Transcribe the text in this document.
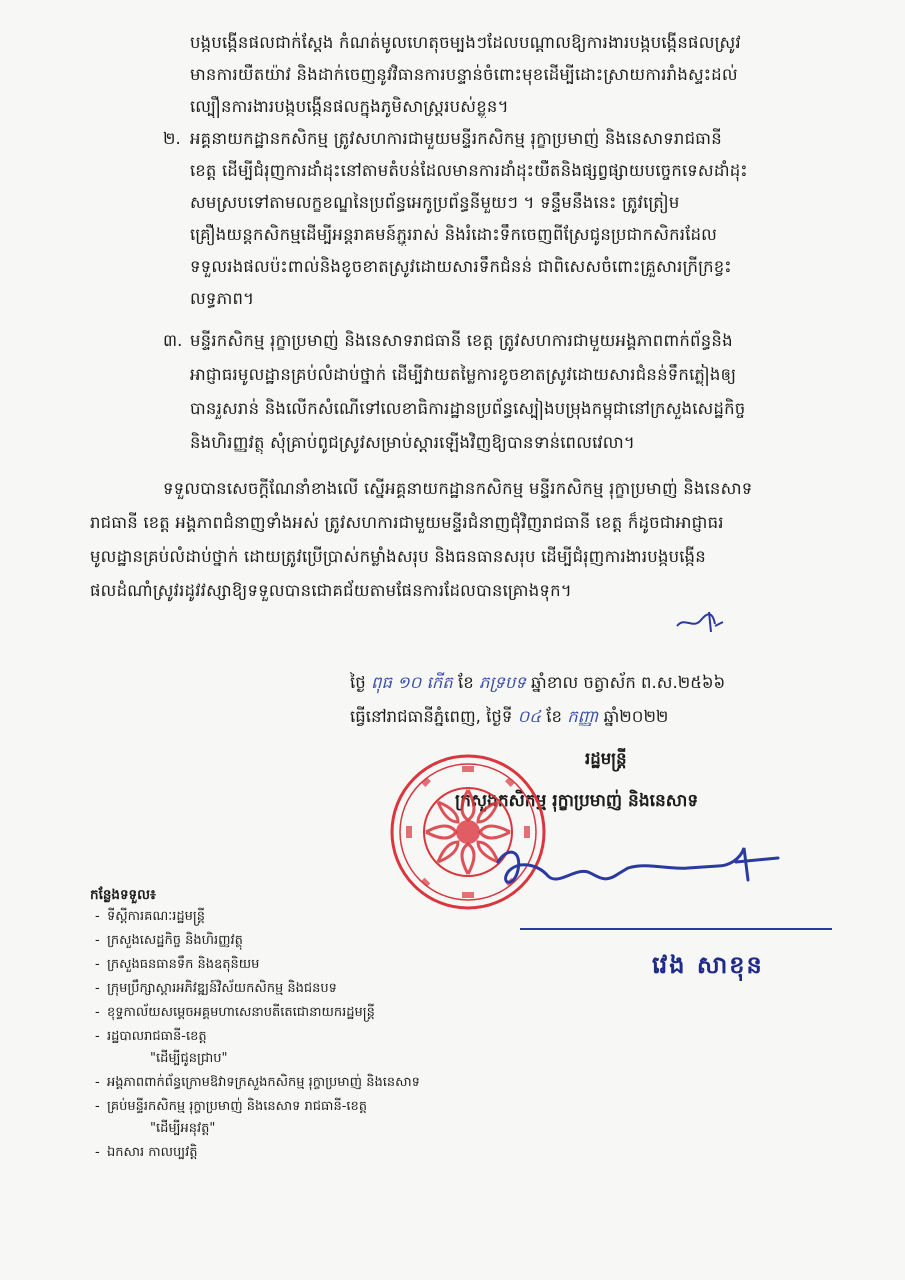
បង្កបង្កើនផលជាក់ស្តែង កំណត់មូលហេតុចម្បងៗដែលបណ្តាលឱ្យការងារបង្កបង្កើនផលស្រូវ
មានការយឺតយ៉ាវ និងដាក់ចេញនូវវិធានការបន្ទាន់ចំពោះមុខដើម្បីដោះស្រាយការរាំងស្ទះដល់
ល្បឿនការងារបង្កបង្កើនផលក្នុងភូមិសាស្ត្ររបស់ខ្លួន។
២. អគ្គនាយកដ្ឋានកសិកម្ម ត្រូវសហការជាមួយមន្ទីរកសិកម្ម រុក្ខាប្រមាញ់ និងនេសាទរាជធានី
ខេត្ត ដើម្បីជំរុញការដាំដុះនៅតាមតំបន់ដែលមានការដាំដុះយឺតនិងផ្សព្វផ្សាយបច្ចេកទេសដាំដុះ
សមស្របទៅតាមលក្ខខណ្ឌនៃប្រព័ន្ធអេកូប្រព័ន្ធនីមួយៗ ។ ទន្ទឹមនឹងនេះ ត្រូវត្រៀម
គ្រឿងយន្តកសិកម្មដើម្បីអន្តរាគមន៍ភ្ជួររាស់ និងរំដោះទឹកចេញពីស្រែជូនប្រជាកសិករដែល
ទទួលរងផលប៉ះពាល់និងខូចខាតស្រូវដោយសារទឹកជំនន់ ជាពិសេសចំពោះគ្រួសារក្រីក្រខ្វះ
លទ្ធភាព។
៣. មន្ទីរកសិកម្ម រុក្ខាប្រមាញ់ និងនេសាទរាជធានី ខេត្ត ត្រូវសហការជាមួយអង្គភាពពាក់ព័ន្ធនិង
អាជ្ញាធរមូលដ្ឋានគ្រប់លំដាប់ថ្នាក់ ដើម្បីវាយតម្លៃការខូចខាតស្រូវដោយសារជំនន់ទឹកភ្លៀងឲ្យ
បានរួសរាន់ និងលើកសំណើទៅលេខាធិការដ្ឋានប្រព័ន្ធស្បៀងបម្រុងកម្ពុជានៅក្រសួងសេដ្ឋកិច្ច
និងហិរញ្ញវត្ថុ សុំគ្រាប់ពូជស្រូវសម្រាប់ស្តារឡើងវិញឱ្យបានទាន់ពេលវេលា។
ទទួលបានសេចក្តីណែនាំខាងលើ ស្នើអគ្គនាយកដ្ឋានកសិកម្ម មន្ទីរកសិកម្ម រុក្ខាប្រមាញ់ និងនេសាទ
រាជធានី ខេត្ត អង្គភាពជំនាញទាំងអស់ ត្រូវសហការជាមួយមន្ទីរជំនាញជុំវិញរាជធានី ខេត្ត ក៏ដូចជាអាជ្ញាធរ
មូលដ្ឋានគ្រប់លំដាប់ថ្នាក់ ដោយត្រូវប្រើប្រាស់កម្លាំងសរុប និងធនធានសរុប ដើម្បីជំរុញការងារបង្កបង្កើន
ផលដំណាំស្រូវរដូវវស្សាឱ្យទទួលបានជោគជ័យតាមផែនការដែលបានគ្រោងទុក។
ថ្ងៃ ពុធ ១០ កើត ខែ ភទ្របទ ឆ្នាំខាល ចត្វាស័ក ព.ស.២៥៦៦
ធ្វើនៅរាជធានីភ្នំពេញ, ថ្ងៃទី ០៤ ខែ កញ្ញា ឆ្នាំ២០២២
រដ្ឋមន្ត្រី
ក្រសួងកសិកម្ម រុក្ខាប្រមាញ់ និងនេសាទ
វេង សាខុន
កន្លែងទទួល៖
- ទីស្តីការគណៈរដ្ឋមន្ត្រី
- ក្រសួងសេដ្ឋកិច្ច និងហិរញ្ញវត្ថុ
- ក្រសួងធនធានទឹក និងឧតុនិយម
- ក្រុមប្រឹក្សាស្តារអភិវឌ្ឍន៍វិស័យកសិកម្ម និងជនបទ
- ខុទ្ទកាល័យសម្តេចអគ្គមហាសេនាបតីតេជោនាយករដ្ឋមន្ត្រី
- រដ្ឋបាលរាជធានី-ខេត្ត
"ដើម្បីជូនជ្រាប"
- អង្គភាពពាក់ព័ន្ធក្រោមឱវាទក្រសួងកសិកម្ម រុក្ខាប្រមាញ់ និងនេសាទ
- គ្រប់មន្ទីរកសិកម្ម រុក្ខាប្រមាញ់ និងនេសាទ រាជធានី-ខេត្ត
"ដើម្បីអនុវត្ត"
- ឯកសារ កាលប្បវត្តិ
